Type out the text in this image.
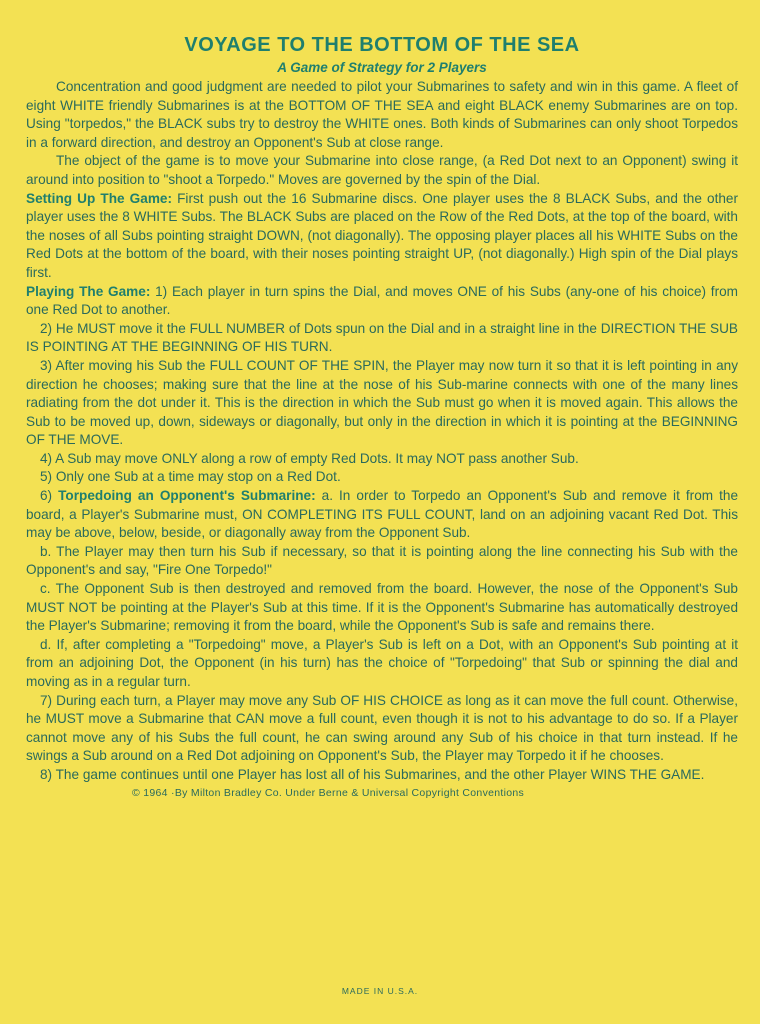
VOYAGE TO THE BOTTOM OF THE SEA
A Game of Strategy for 2 Players

Concentration and good judgment are needed to pilot your Submarines to safety and win in this game. A fleet of eight WHITE friendly Submarines is at the BOTTOM OF THE SEA and eight BLACK enemy Submarines are on top. Using "torpedos," the BLACK subs try to destroy the WHITE ones. Both kinds of Submarines can only shoot Torpedos in a forward direction, and destroy an Opponent's Sub at close range.

The object of the game is to move your Submarine into close range, (a Red Dot next to an Opponent) swing it around into position to "shoot a Torpedo." Moves are governed by the spin of the Dial.

Setting Up The Game: First push out the 16 Submarine discs. One player uses the 8 BLACK Subs, and the other player uses the 8 WHITE Subs. The BLACK Subs are placed on the Row of the Red Dots, at the top of the board, with the noses of all Subs pointing straight DOWN, (not diagonally). The opposing player places all his WHITE Subs on the Red Dots at the bottom of the board, with their noses pointing straight UP, (not diagonally.) High spin of the Dial plays first.

Playing The Game: 1) Each player in turn spins the Dial, and moves ONE of his Subs (any-one of his choice) from one Red Dot to another.

2) He MUST move it the FULL NUMBER of Dots spun on the Dial and in a straight line in the DIRECTION THE SUB IS POINTING AT THE BEGINNING OF HIS TURN.

3) After moving his Sub the FULL COUNT OF THE SPIN, the Player may now turn it so that it is left pointing in any direction he chooses; making sure that the line at the nose of his Sub-marine connects with one of the many lines radiating from the dot under it. This is the direction in which the Sub must go when it is moved again. This allows the Sub to be moved up, down, sideways or diagonally, but only in the direction in which it is pointing at the BEGINNING OF THE MOVE.

4) A Sub may move ONLY along a row of empty Red Dots. It may NOT pass another Sub.

5) Only one Sub at a time may stop on a Red Dot.

6) Torpedoing an Opponent's Submarine: a. In order to Torpedo an Opponent's Sub and remove it from the board, a Player's Submarine must, ON COMPLETING ITS FULL COUNT, land on an adjoining vacant Red Dot. This may be above, below, beside, or diagonally away from the Opponent Sub.

b. The Player may then turn his Sub if necessary, so that it is pointing along the line connecting his Sub with the Opponent's and say, "Fire One Torpedo!"

c. The Opponent Sub is then destroyed and removed from the board. However, the nose of the Opponent's Sub MUST NOT be pointing at the Player's Sub at this time. If it is the Opponent's Submarine has automatically destroyed the Player's Submarine; removing it from the board, while the Opponent's Sub is safe and remains there.

d. If, after completing a "Torpedoing" move, a Player's Sub is left on a Dot, with an Opponent's Sub pointing at it from an adjoining Dot, the Opponent (in his turn) has the choice of "Torpedoing" that Sub or spinning the dial and moving as in a regular turn.

7) During each turn, a Player may move any Sub OF HIS CHOICE as long as it can move the full count. Otherwise, he MUST move a Submarine that CAN move a full count, even though it is not to his advantage to do so. If a Player cannot move any of his Subs the full count, he can swing around any Sub of his choice in that turn instead. If he swings a Sub around on a Red Dot adjoining on Opponent's Sub, the Player may Torpedo it if he chooses.

8) The game continues until one Player has lost all of his Submarines, and the other Player WINS THE GAME.

© 1964 ·By Milton Bradley Co. Under Berne & Universal Copyright Conventions
MADE IN U.S.A.
